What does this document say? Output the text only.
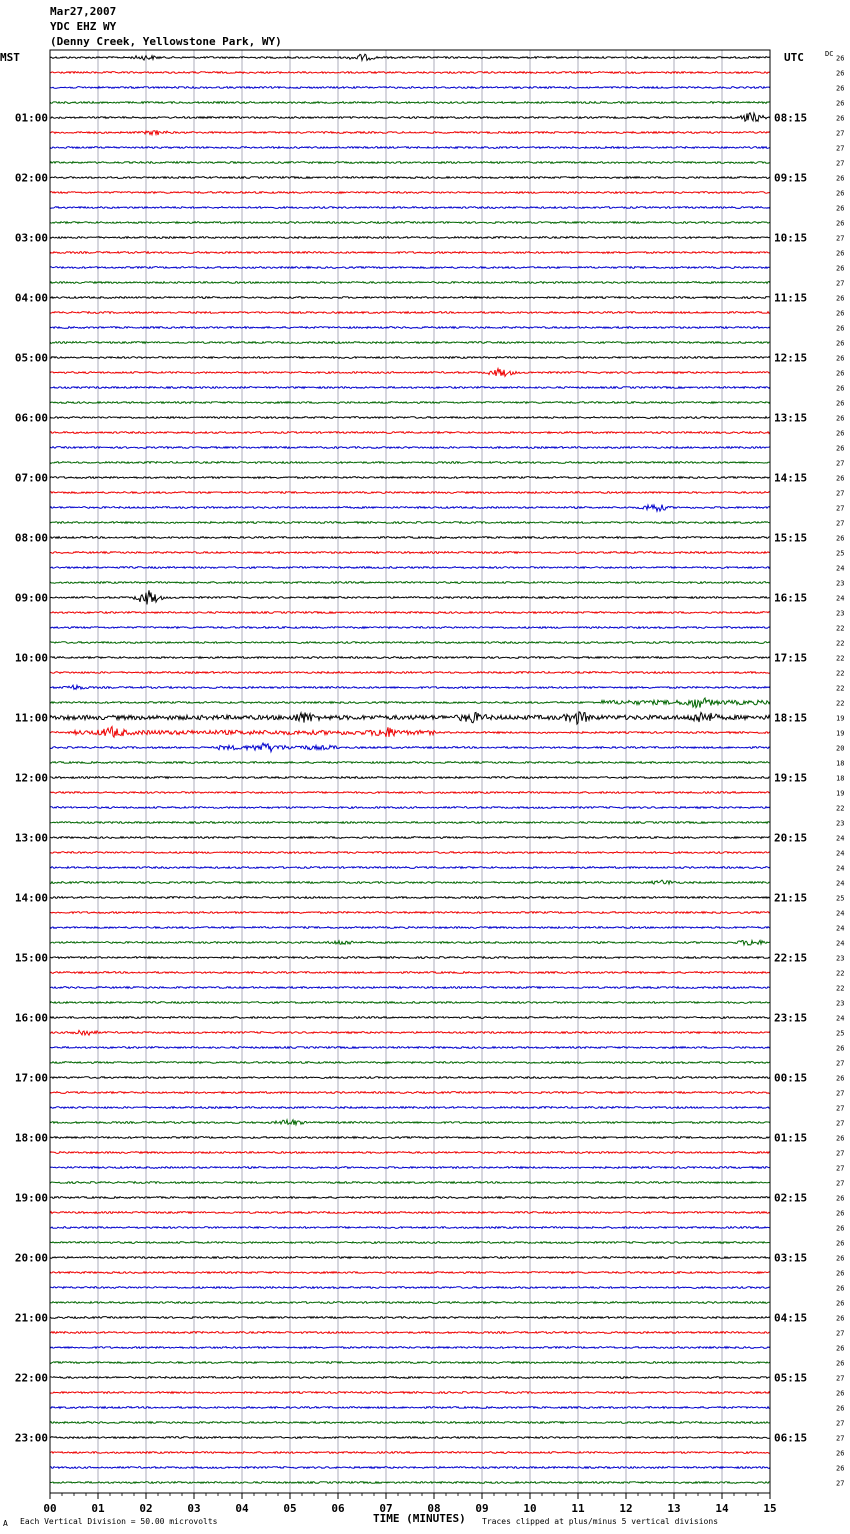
Mar27,2007
YDC EHZ WY
(Denny Creek, Yellowstone Park, WY)
01:00
02:00
03:00
04:00
05:00
06:00
07:00
08:00
09:00
10:00
11:00
12:00
13:00
14:00
15:00
16:00
17:00
18:00
19:00
20:00
21:00
22:00
23:00
08:15
09:15
10:15
11:15
12:15
13:15
14:15
15:15
16:15
17:15
18:15
19:15
20:15
21:15
22:15
23:15
00:15
01:15
02:15
03:15
04:15
05:15
06:15
26
26
26
26
26
27
27
27
26
26
26
26
27
26
26
27
26
26
26
26
26
26
26
26
26
26
26
27
26
27
27
27
26
25
24
23
24
23
22
22
22
22
22
22
19
19
20
18
18
19
22
23
24
24
24
24
25
24
24
24
23
22
22
23
24
25
26
27
26
27
27
27
26
27
27
27
26
26
26
26
26
26
26
26
26
27
26
26
27
26
26
27
27
26
26
27
00	01	02	03	04	05	06	07	08	09	10	11	12	13	14	15
MST	UTC	DC
TIME (MINUTES)
A Each Vertical Division = 50.00 microvolts	Traces clipped at plus/minus 5 vertical divisions
